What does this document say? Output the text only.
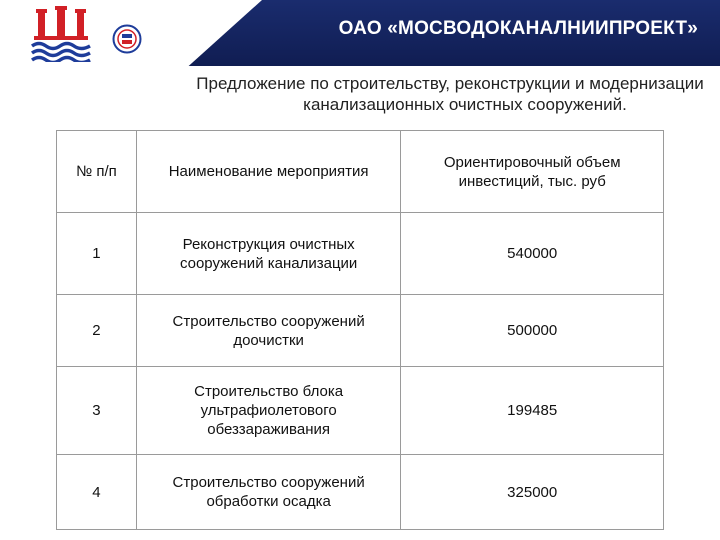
ОАО «МОСВОДОКАНАЛНИИПРОЕКТ»
Предложение по строительству, реконструкции и модернизации
канализационных очистных сооружений.
№ п/п	Наименование мероприятия	Ориентировочный объем инвестиций, тыс. руб
1	Реконструкция очистных сооружений канализации	540000
2	Строительство сооружений доочистки	500000
3	Строительство блока ультрафиолетового обеззараживания	199485
4	Строительство сооружений обработки осадка	325000
